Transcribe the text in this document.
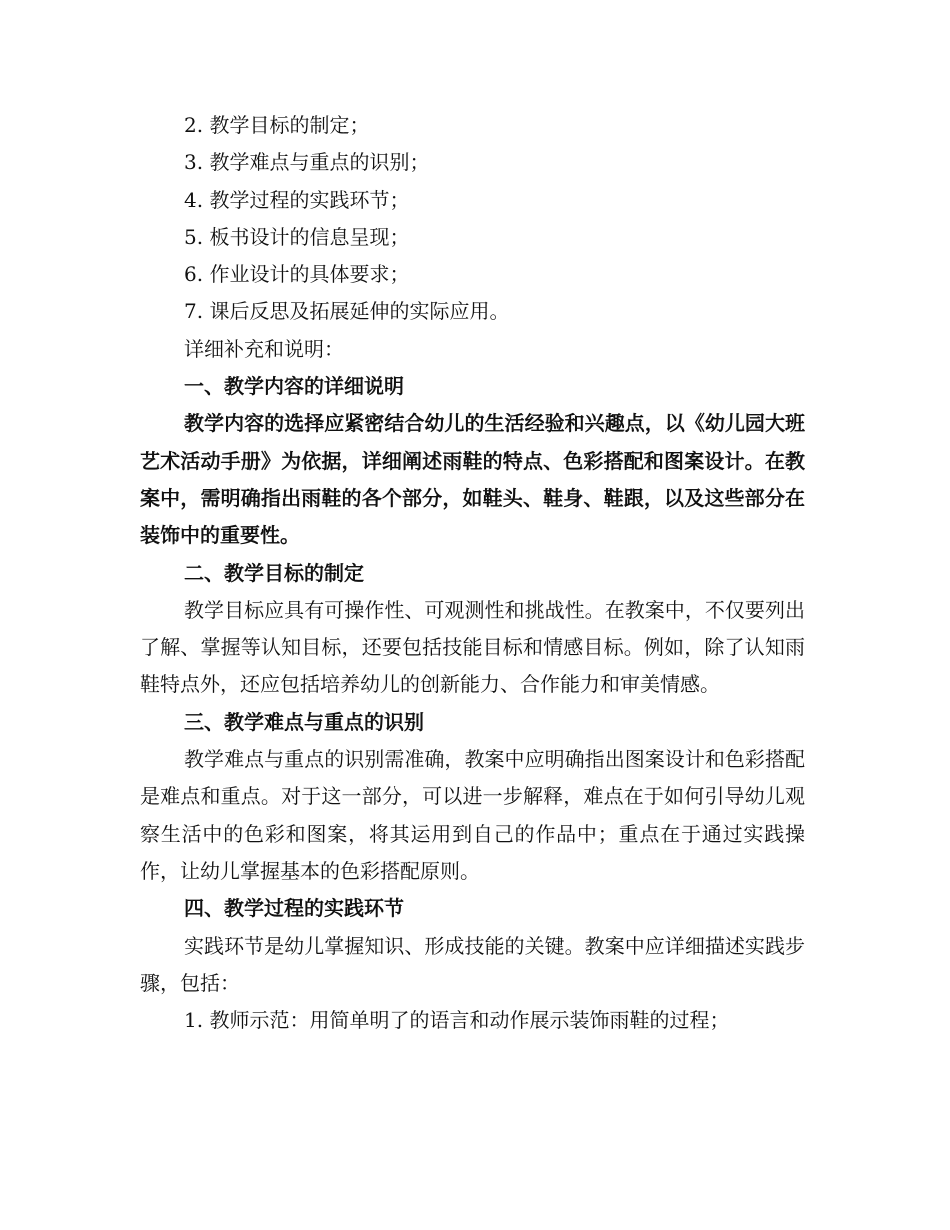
2. 教学目标的制定；
3. 教学难点与重点的识别；
4. 教学过程的实践环节；
5. 板书设计的信息呈现；
6. 作业设计的具体要求；
7. 课后反思及拓展延伸的实际应用。
详细补充和说明：
一、教学内容的详细说明

教学内容的选择应紧密结合幼儿的生活经验和兴趣点，以《幼儿园大班艺术活动手册》为依据，详细阐述雨鞋的特点、色彩搭配和图案设计。在教案中，需明确指出雨鞋的各个部分，如鞋头、鞋身、鞋跟，以及这些部分在装饰中的重要性。

二、教学目标的制定

教学目标应具有可操作性、可观测性和挑战性。在教案中，不仅要列出了解、掌握等认知目标，还要包括技能目标和情感目标。例如，除了认知雨鞋特点外，还应包括培养幼儿的创新能力、合作能力和审美情感。

三、教学难点与重点的识别

教学难点与重点的识别需准确，教案中应明确指出图案设计和色彩搭配是难点和重点。对于这一部分，可以进一步解释，难点在于如何引导幼儿观察生活中的色彩和图案，将其运用到自己的作品中；重点在于通过实践操作，让幼儿掌握基本的色彩搭配原则。

四、教学过程的实践环节

实践环节是幼儿掌握知识、形成技能的关键。教案中应详细描述实践步骤，包括：

1. 教师示范：用简单明了的语言和动作展示装饰雨鞋的过程；
